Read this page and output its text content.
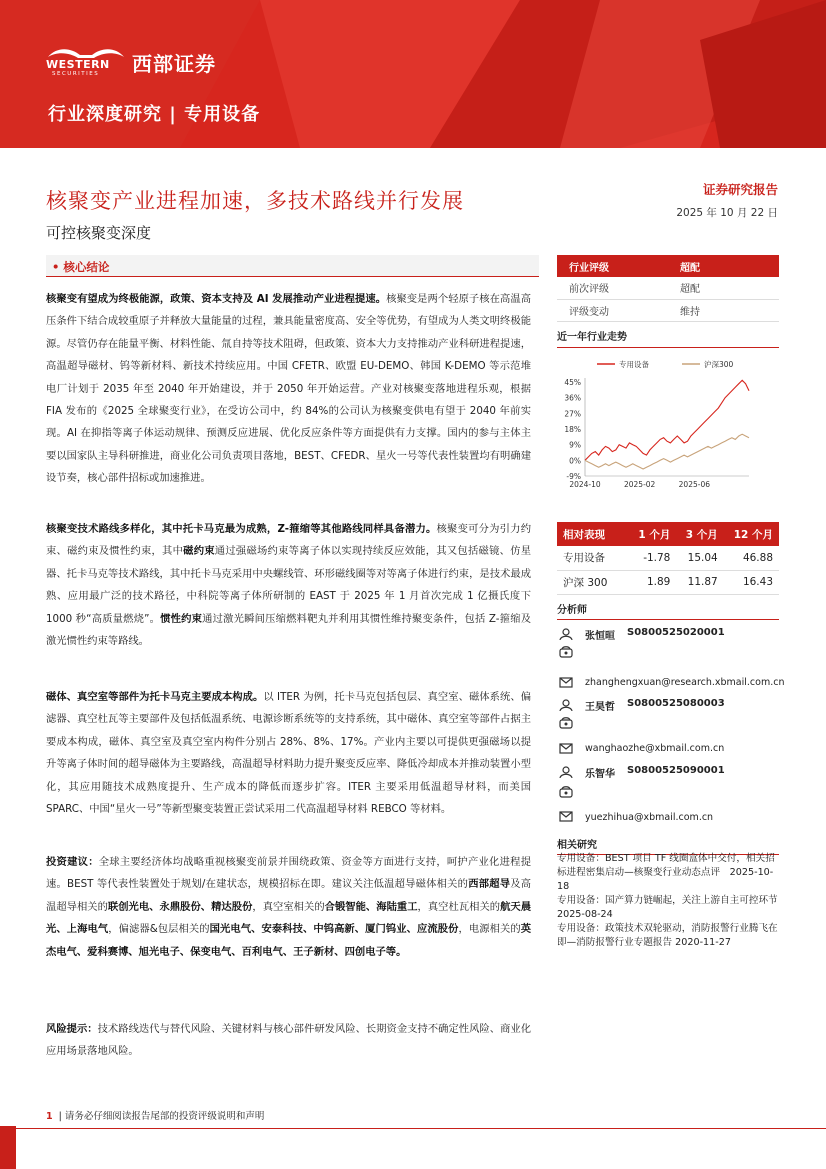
WESTERN
SECURITIES 西部证券
行业深度研究 | 专用设备
核聚变产业进程加速，多技术路线并行发展
可控核聚变深度
证券研究报告
2025 年 10 月 22 日
• 核心结论
核聚变有望成为终极能源，政策、资本支持及 AI 发展推动产业进程提速。核聚变是两个轻原子核在高温高压条件下结合成较重原子并释放大量能量的过程，兼具能量密度高、安全等优势，有望成为人类文明终极能源。尽管仍存在能量平衡、材料性能、氚自持等技术阻碍，但政策、资本大力支持推动产业科研进程提速，高温超导磁材、钨等新材料、新技术持续应用。中国 CFETR、欧盟 EU-DEMO、韩国 K-DEMO 等示范堆电厂计划于 2035 年至 2040 年开始建设，并于 2050 年开始运营。产业对核聚变落地进程乐观，根据 FIA 发布的《2025 全球聚变行业》，在受访公司中，约 84%的公司认为核聚变供电有望于 2040 年前实现。AI 在抑指等离子体运动规律、预测反应进展、优化反应条件等方面提供有力支撑。国内的参与主体主要以国家队主导科研推进，商业化公司负责项目落地，BEST、CFEDR、星火一号等代表性装置均有明确建设节奏，核心部件招标或加速推进。
核聚变技术路线多样化，其中托卡马克最为成熟，Z-箍缩等其他路线同样具备潜力。核聚变可分为引力约束、磁约束及惯性约束，其中磁约束通过强磁场约束等离子体以实现持续反应效能，其又包括磁镜、仿星器、托卡马克等技术路线，其中托卡马克采用中央螺线管、环形磁线圈等对等离子体进行约束，是技术最成熟、应用最广泛的技术路径，中科院等离子体所研制的 EAST 于 2025 年 1 月首次完成 1 亿摄氏度下 1000 秒“高质量燃烧”。惯性约束通过激光瞬间压缩燃料靶丸并利用其惯性维持聚变条件，包括 Z-箍缩及激光惯性约束等路线。
磁体、真空室等部件为托卡马克主要成本构成。以 ITER 为例，托卡马克包括包层、真空室、磁体系统、偏滤器、真空杜瓦等主要部件及包括低温系统、电源诊断系统等的支持系统，其中磁体、真空室等部件占据主要成本构成，磁体、真空室及真空室内构件分别占 28%、8%、17%。产业内主要以可提供更强磁场以提升等离子体时间的超导磁体为主要路线，高温超导材料助力提升聚变反应率、降低冷却成本并推动装置小型化，其应用随技术成熟度提升、生产成本的降低而逐步扩容。ITER 主要采用低温超导材料，而美国 SPARC、中国“星火一号”等新型聚变装置正尝试采用二代高温超导材料 REBCO 等材料。
投资建议：全球主要经济体均战略重视核聚变前景并围绕政策、资金等方面进行支持，呵护产业化进程提速。BEST 等代表性装置处于规划/在建状态，规模招标在即。建议关注低温超导磁体相关的西部超导及高温超导相关的联创光电、永鼎股份、精达股份，真空室相关的合锻智能、海陆重工，真空杜瓦相关的航天晨光、上海电气，偏滤器&包层相关的国光电气、安泰科技、中钨高新、厦门钨业、应流股份，电源相关的英杰电气、爱科赛博、旭光电子、保变电气、百利电气、王子新材、四创电子等。
风险提示：技术路线迭代与替代风险、关键材料与核心部件研发风险、长期资金支持不确定性风险、商业化应用场景落地风险。
行业评级	超配
前次评级	超配
评级变动	维持
近一年行业走势
专用设备	沪深300
45%
36%
27%
18%
9%
0%
-9%
2024-10	2025-02	2025-06
相对表现	1 个月	3 个月	12 个月
专用设备	-1.78	15.04	46.88
沪深 300	1.89	11.87	16.43
分析师
张恒晅 S0800525020001
zhanghengxuan@research.xbmail.com.cn
王昊哲 S0800525080003
wanghaozhe@xbmail.com.cn
乐智华 S0800525090001
yuezhihua@xbmail.com.cn
相关研究
专用设备：BEST 项目 TF 线圈盒体中交付，相关招标进程密集启动—核聚变行业动态点评　2025-10-18
专用设备：国产算力链崛起，关注上游自主可控环节　2025-08-24
专用设备：政策技术双轮驱动，消防报警行业腾飞在即—消防报警行业专题报告 2020-11-27
1 | 请务必仔细阅读报告尾部的投资评级说明和声明
